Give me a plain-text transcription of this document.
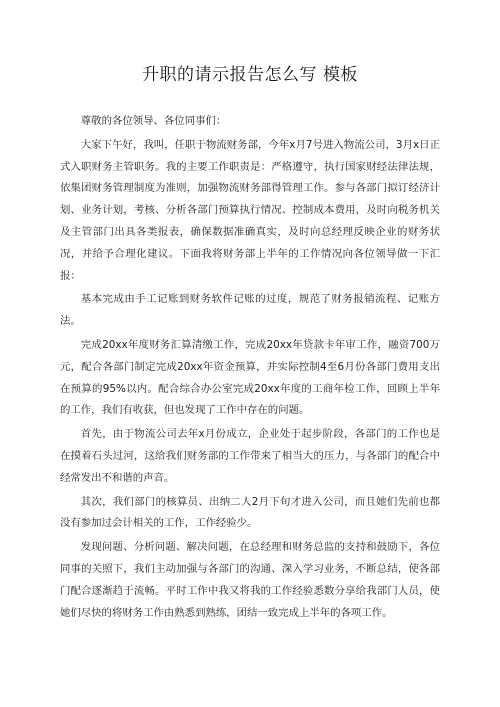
升职的请示报告怎么写 模板

尊敬的各位领导、各位同事们：

大家下午好，我叫，任职于物流财务部，今年x月7号进入物流公司，3月x日正式入职财务主管职务。我的主要工作职责是：严格遵守，执行国家财经法律法规，依集团财务管理制度为准则，加强物流财务部得管理工作。参与各部门拟订经济计划、业务计划，考核、分析各部门预算执行情况、控制成本费用，及时向税务机关及主管部门出具各类报表，确保数据准确真实，及时向总经理反映企业的财务状况，并给予合理化建议。下面我将财务部上半年的工作情况向各位领导做一下汇报：

基本完成由手工记账到财务软件记账的过度，规范了财务报销流程、记账方法。

完成20xx年度财务汇算清缴工作，完成20xx年贷款卡年审工作，融资700万元，配合各部门制定完成20xx年资金预算，并实际控制4至6月份各部门费用支出在预算的95%以内。配合综合办公室完成20xx年度的工商年检工作，回顾上半年的工作，我们有收获，但也发现了工作中存在的问题。

首先，由于物流公司去年x月份成立，企业处于起步阶段，各部门的工作也是在摸着石头过河，这给我们财务部的工作带来了相当大的压力，与各部门的配合中经常发出不和谐的声音。

其次，我们部门的核算员、出纳二人2月下旬才进入公司，而且她们先前也都没有参加过会计相关的工作，工作经验少。

发现问题、分析问题、解决问题，在总经理和财务总监的支持和鼓励下，各位同事的关照下，我们主动加强与各部门的沟通、深入学习业务，不断总结，使各部门配合逐渐趋于流畅。平时工作中我又将我的工作经验悉数分享给我部门人员，使她们尽快的将财务工作由熟悉到熟练，团结一致完成上半年的各项工作。
